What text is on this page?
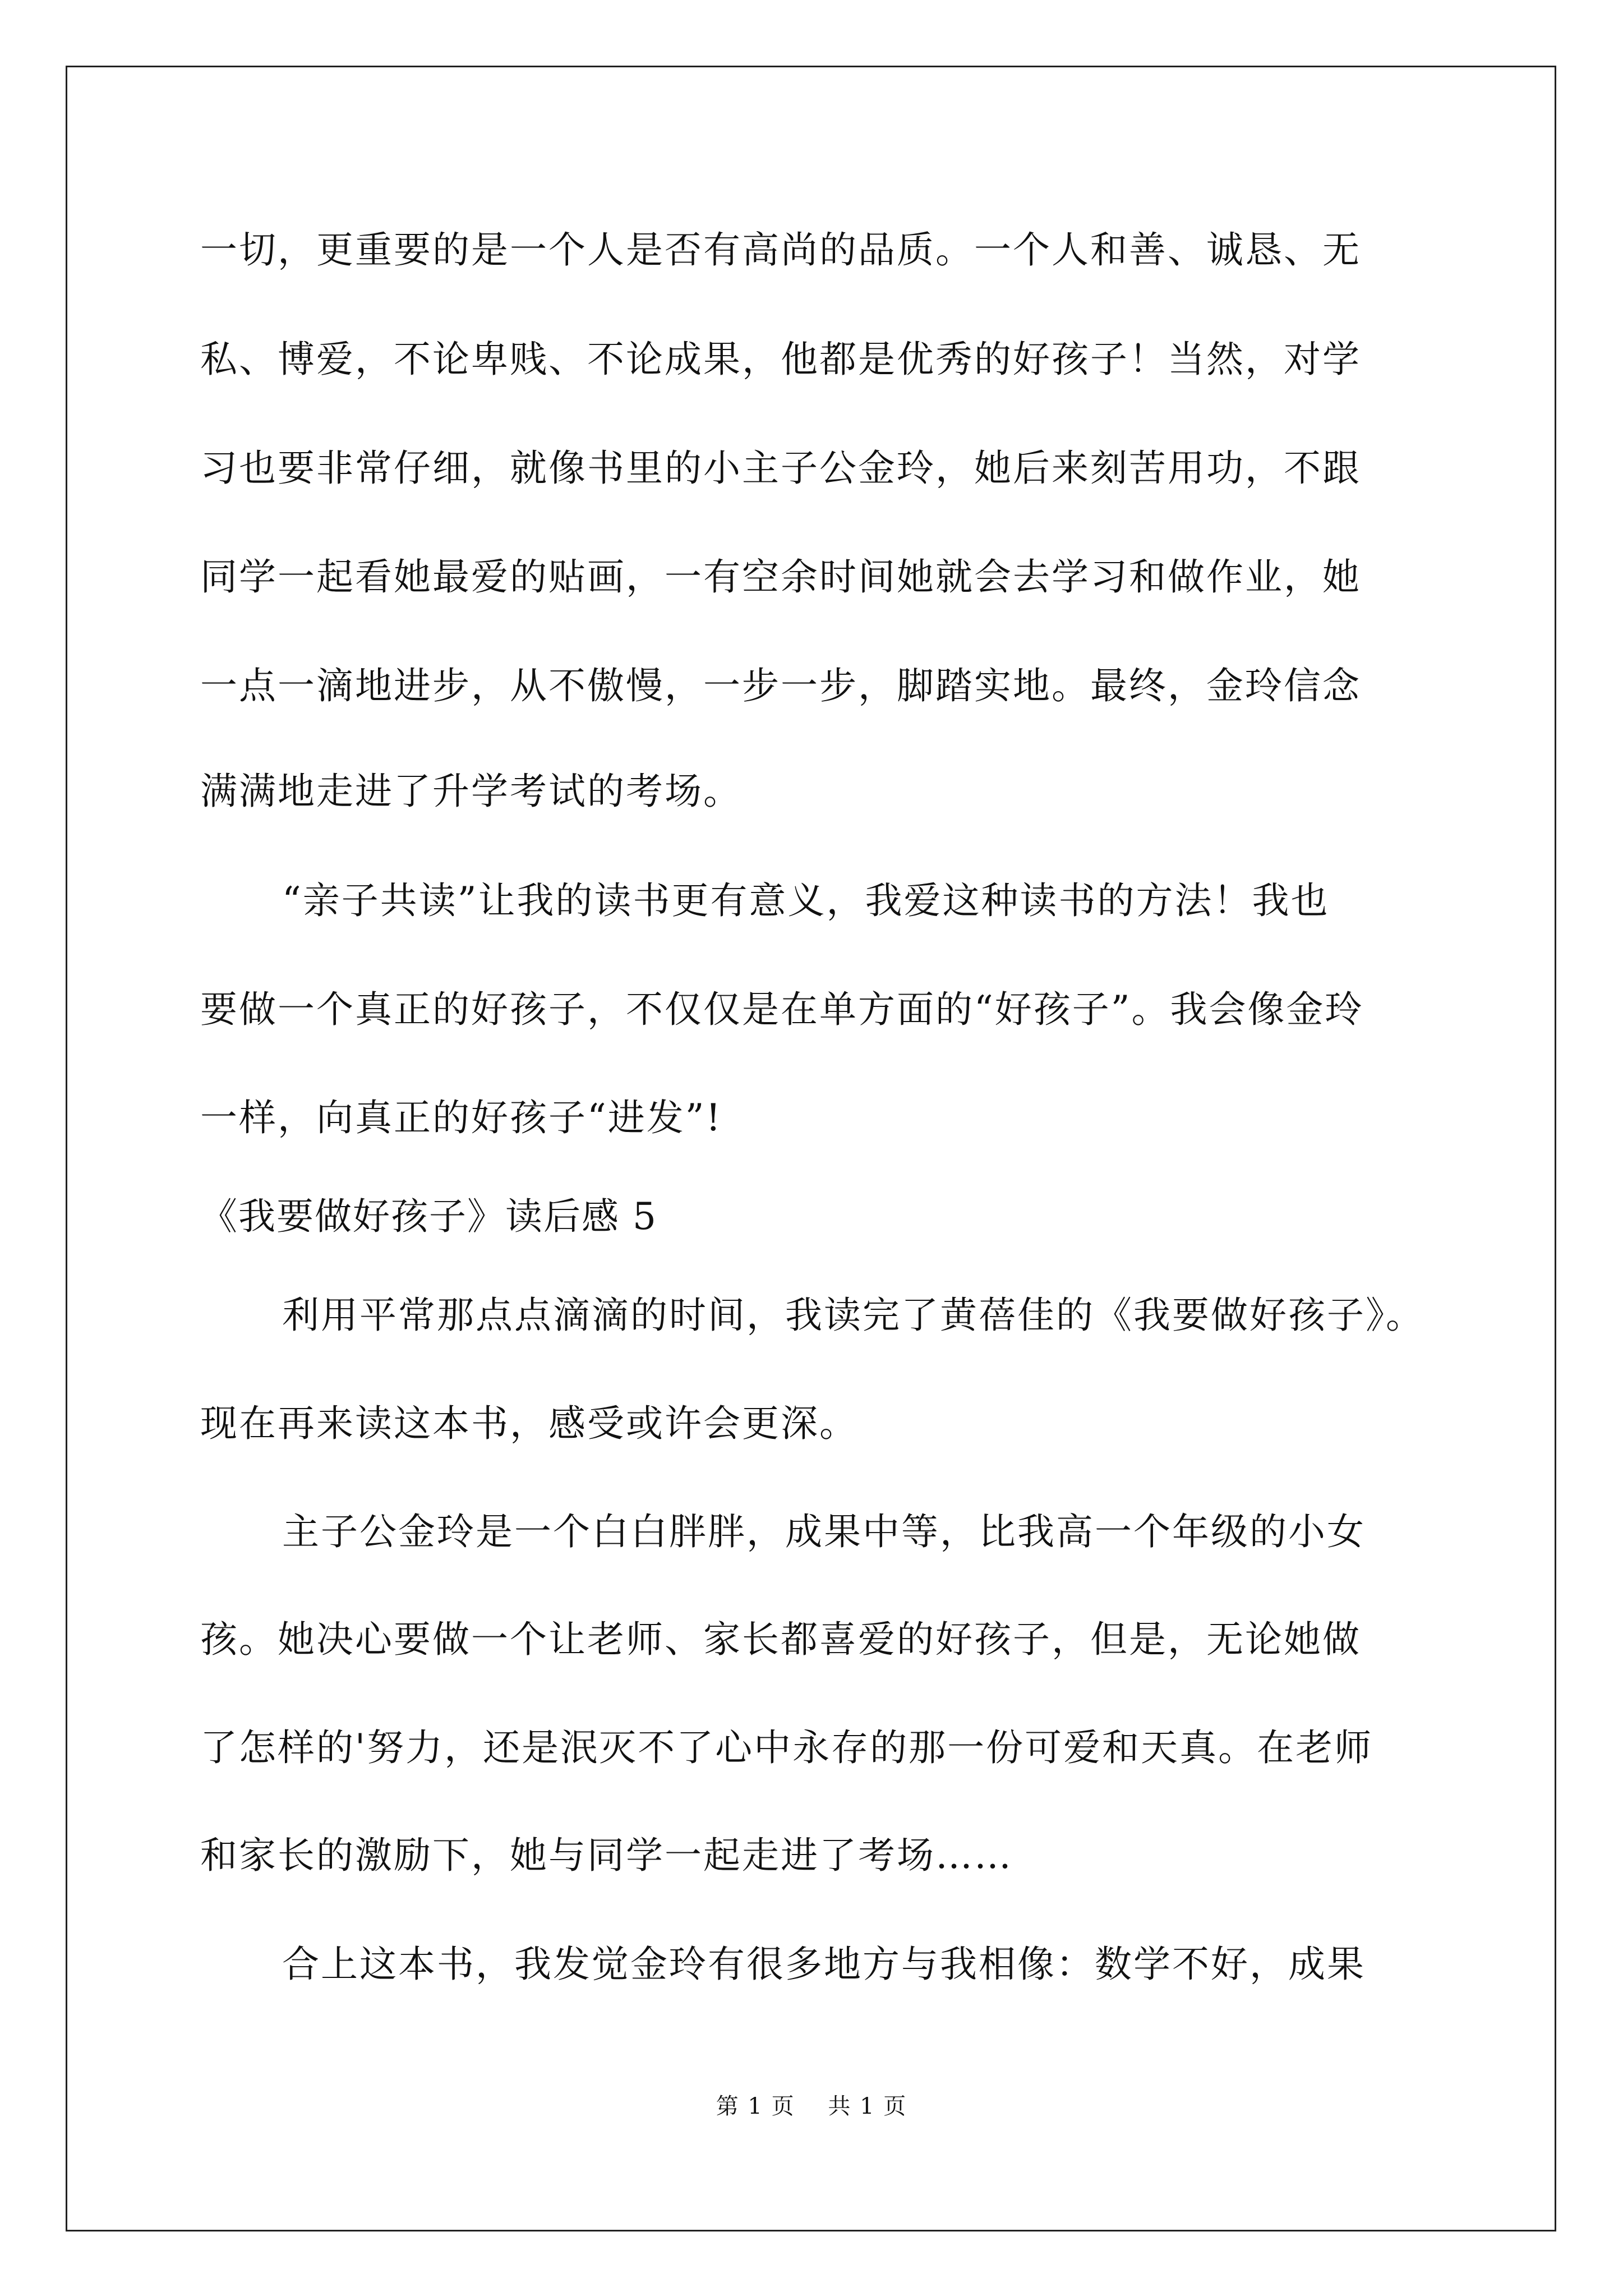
一切，更重要的是一个人是否有高尚的品质。一个人和善、诚恳、无
私、博爱，不论卑贱、不论成果，他都是优秀的好孩子！当然，对学
习也要非常仔细，就像书里的小主子公金玲，她后来刻苦用功，不跟
同学一起看她最爱的贴画，一有空余时间她就会去学习和做作业，她
一点一滴地进步，从不傲慢，一步一步，脚踏实地。最终，金玲信念
满满地走进了升学考试的考场。
“亲子共读”让我的读书更有意义，我爱这种读书的方法！我也
要做一个真正的好孩子，不仅仅是在单方面的“好孩子”。我会像金玲
一样，向真正的好孩子“进发”!
《我要做好孩子》读后感 5
利用平常那点点滴滴的时间，我读完了黄蓓佳的《我要做好孩子》。
现在再来读这本书，感受或许会更深。
主子公金玲是一个白白胖胖，成果中等，比我高一个年级的小女
孩。她决心要做一个让老师、家长都喜爱的好孩子，但是，无论她做
了怎样的'努力，还是泯灭不了心中永存的那一份可爱和天真。在老师
和家长的激励下，她与同学一起走进了考场……
合上这本书，我发觉金玲有很多地方与我相像：数学不好，成果
第 1 页    共 1 页
